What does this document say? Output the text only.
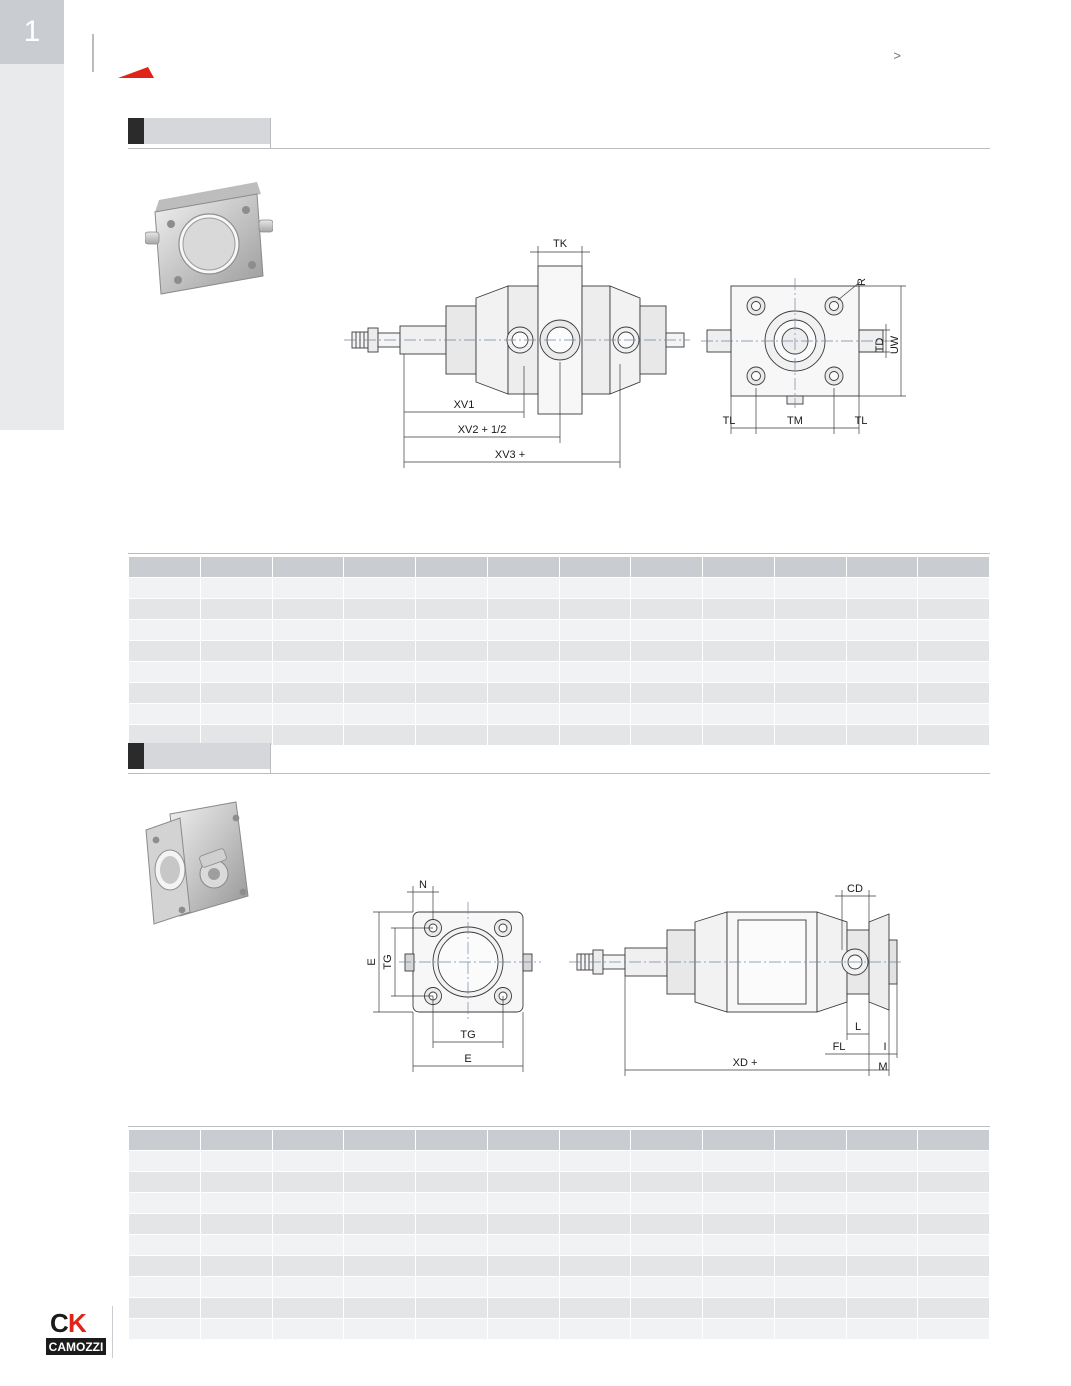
1
>
TK
XV1
XV2 + 1/2
XV3 +
R
TD UW
TL	TM	TL

N
E TG
TG
E
CD
L
FL	I
M
XD +

C K
CAMOZZI
